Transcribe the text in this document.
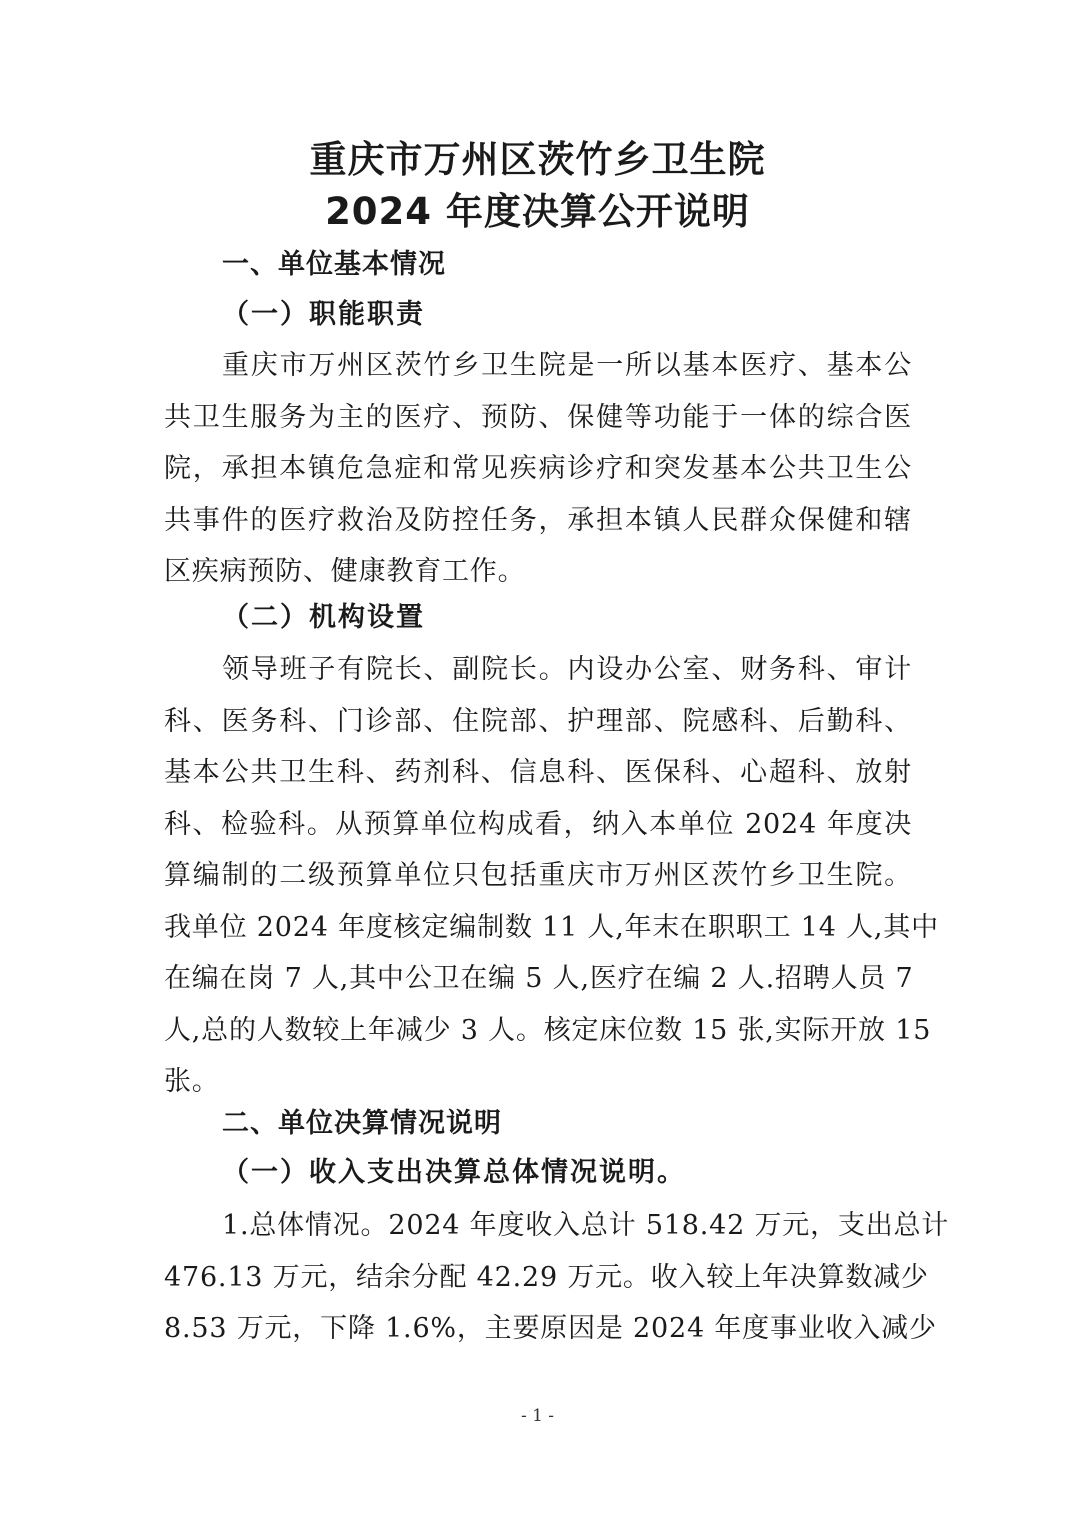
重庆市万州区茨竹乡卫生院
2024 年度决算公开说明
一、单位基本情况
（一）职能职责
重庆市万州区茨竹乡卫生院是一所以基本医疗、基本公
共卫生服务为主的医疗、预防、保健等功能于一体的综合医
院，承担本镇危急症和常见疾病诊疗和突发基本公共卫生公
共事件的医疗救治及防控任务，承担本镇人民群众保健和辖
区疾病预防、健康教育工作。
（二）机构设置
领导班子有院长、副院长。内设办公室、财务科、审计
科、医务科、门诊部、住院部、护理部、院感科、后勤科、
基本公共卫生科、药剂科、信息科、医保科、心超科、放射
科、检验科。从预算单位构成看，纳入本单位 2024 年度决
算编制的二级预算单位只包括重庆市万州区茨竹乡卫生院。
我单位 2024 年度核定编制数 11 人,年末在职职工 14 人,其中
在编在岗 7 人,其中公卫在编 5 人,医疗在编 2 人.招聘人员 7
人,总的人数较上年减少 3 人。核定床位数 15 张,实际开放 15
张。
二、单位决算情况说明
（一）收入支出决算总体情况说明。
1.总体情况。2024 年度收入总计 518.42 万元，支出总计
476.13 万元，结余分配 42.29 万元。收入较上年决算数减少
8.53 万元，下降 1.6%，主要原因是 2024 年度事业收入减少

- 1 -
